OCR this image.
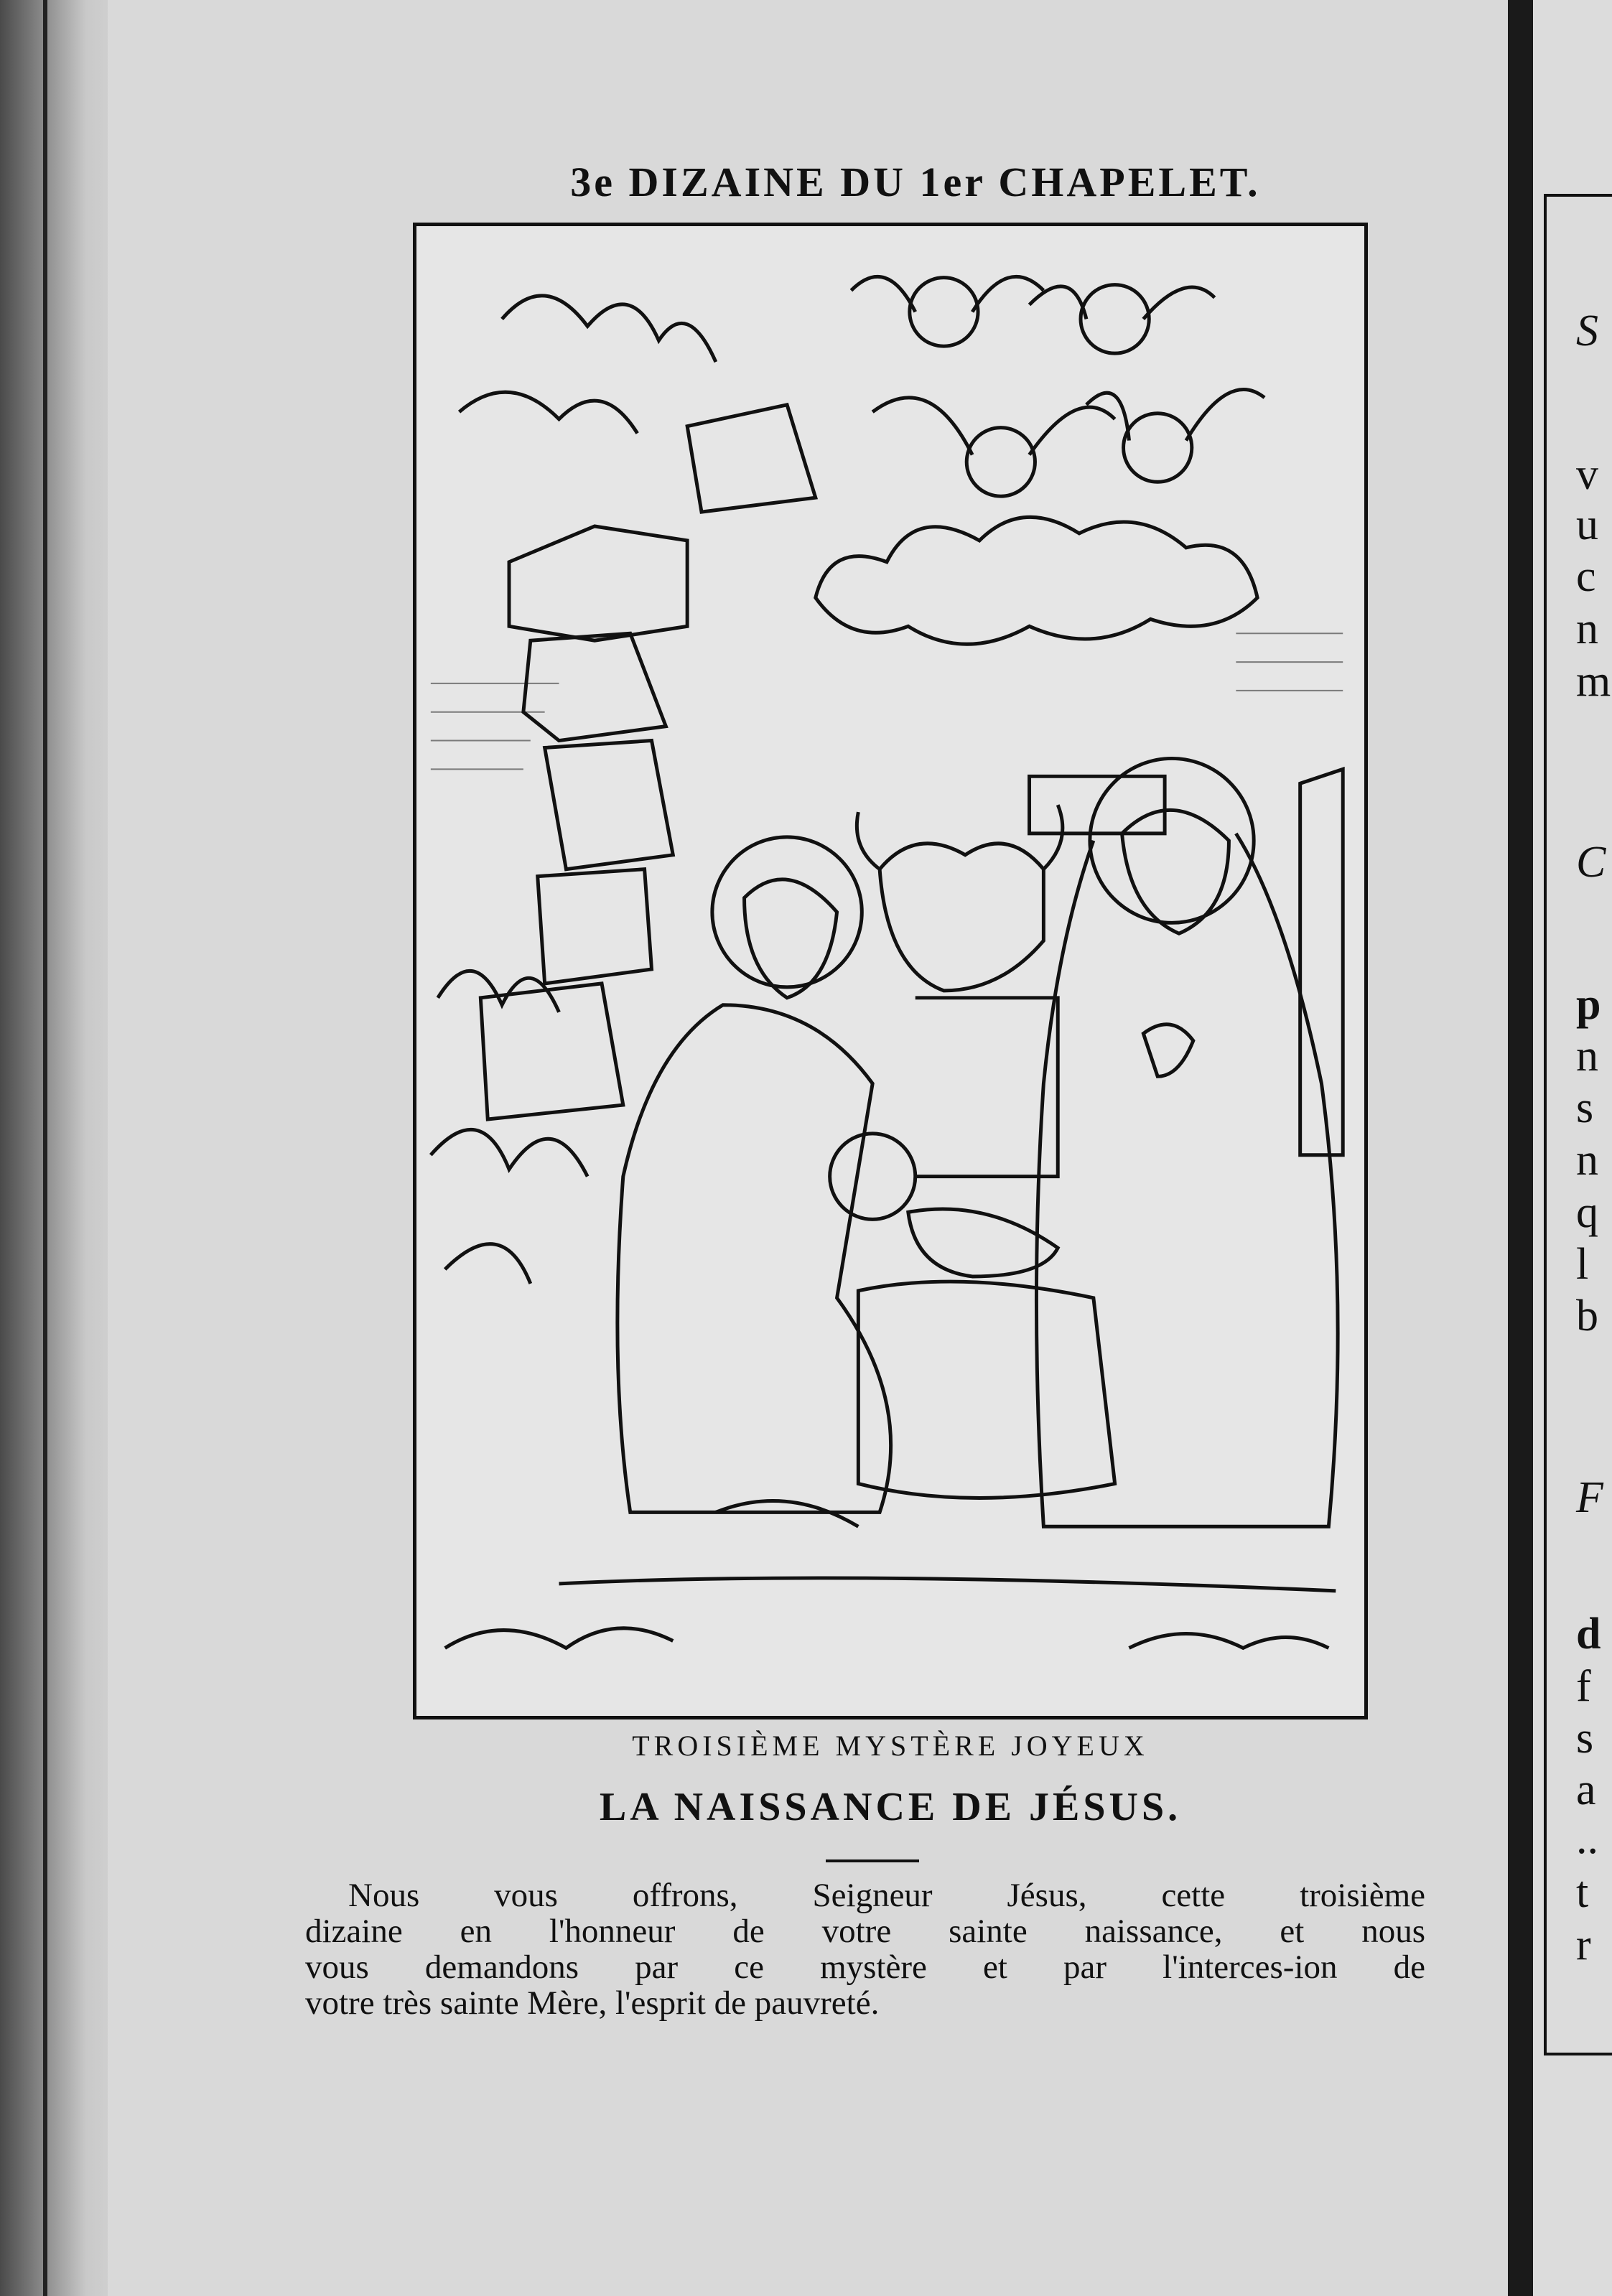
S
v
u
c
n
m
C
p
n
s
n
q
l
b
F
d
f
s
a
..
t
r
3e DIZAINE DU 1er CHAPELET.
TROISIÈME MYSTÈRE JOYEUX
LA NAISSANCE DE JÉSUS.
Nous vous offrons, Seigneur Jésus, cette troisième
dizaine en l'honneur de votre sainte naissance, et nous
vous demandons par ce mystère et par l'interces-ion de
votre très sainte Mère, l'esprit de pauvreté.
